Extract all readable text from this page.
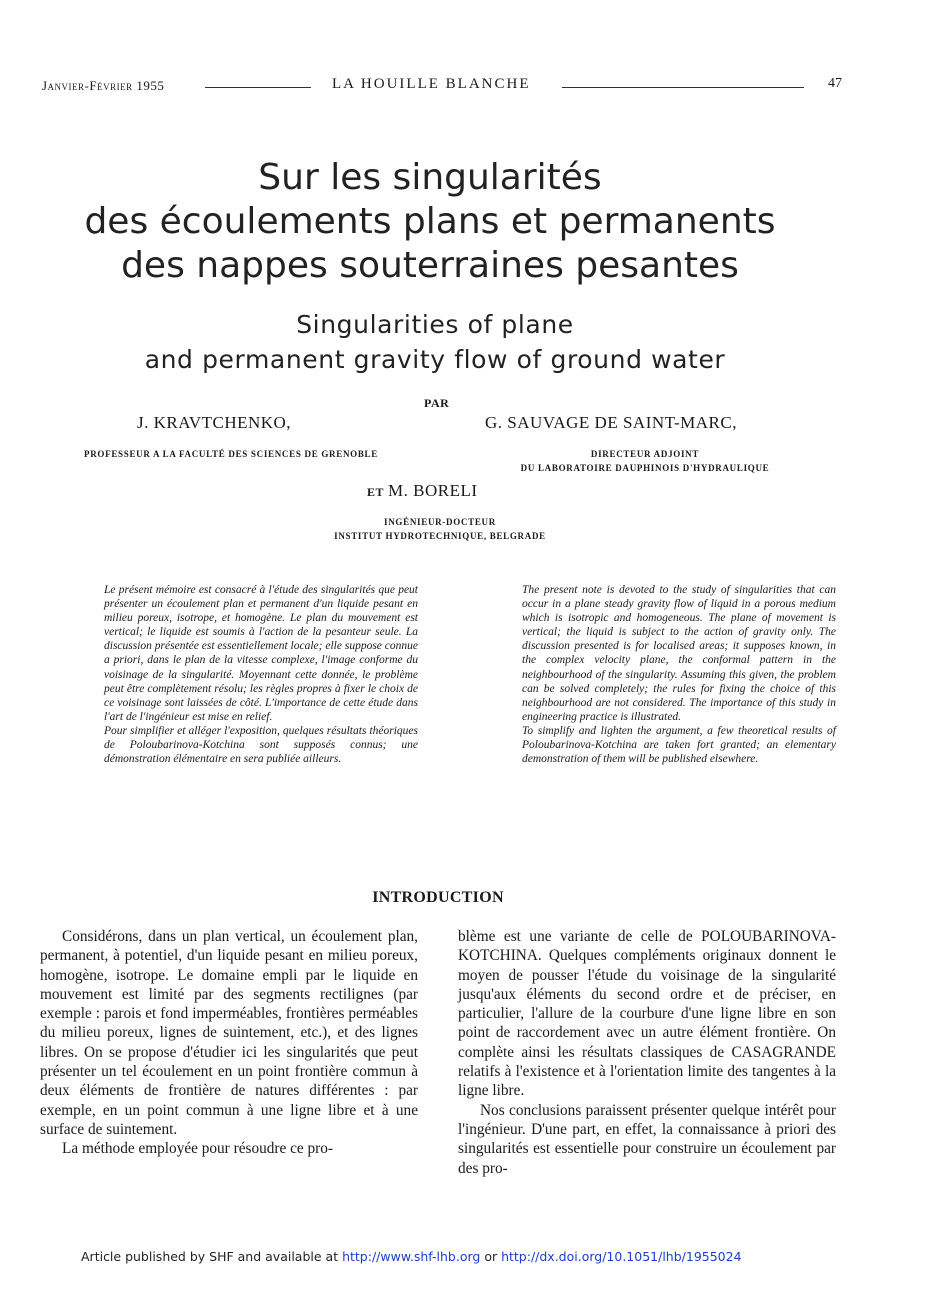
Janvier-Février 1955	LA HOUILLE BLANCHE	47
Sur les singularités
des écoulements plans et permanents
des nappes souterraines pesantes
Singularities of plane
and permanent gravity flow of ground water
PAR
J. KRAVTCHENKO,
PROFESSEUR A LA FACULTÉ DES SCIENCES DE GRENOBLE
G. SAUVAGE DE SAINT-MARC,
DIRECTEUR ADJOINT
DU LABORATOIRE DAUPHINOIS D'HYDRAULIQUE
ET M. BORELI
INGÉNIEUR-DOCTEUR
INSTITUT HYDROTECHNIQUE, BELGRADE

Le présent mémoire est consacré à l'étude des singularités que peut présenter un écoulement plan et permanent d'un liquide pesant en milieu poreux, isotrope, et homogène. Le plan du mouvement est vertical; le liquide est soumis à l'action de la pesanteur seule. La discussion présentée est essentiellement locale; elle suppose connue a priori, dans le plan de la vitesse complexe, l'image conforme du voisinage de la singularité. Moyennant cette donnée, le problème peut être complètement résolu; les règles propres à fixer le choix de ce voisinage sont laissées de côté. L'importance de cette étude dans l'art de l'ingénieur est mise en relief.

Pour simplifier et alléger l'exposition, quelques résultats théoriques de Poloubarinova-Kotchina sont supposés connus; une démonstration élémentaire en sera publiée ailleurs.

The present note is devoted to the study of singularities that can occur in a plane steady gravity flow of liquid in a porous medium which is isotropic and homogeneous. The plane of movement is vertical; the liquid is subject to the action of gravity only. The discussion presented is for localised areas; it supposes known, in the complex velocity plane, the conformal pattern in the neighbourhood of the singularity. Assuming this given, the problem can be solved completely; the rules for fixing the choice of this neighbourhood are not considered. The importance of this study in engineering practice is illustrated.

To simplify and lighten the argument, a few theoretical results of Poloubarinova-Kotchina are taken fort granted; an elementary demonstration of them will be published elsewhere.

INTRODUCTION

Considérons, dans un plan vertical, un écoulement plan, permanent, à potentiel, d'un liquide pesant en milieu poreux, homogène, isotrope. Le domaine empli par le liquide en mouvement est limité par des segments rectilignes (par exemple : parois et fond imperméables, frontières perméables du milieu poreux, lignes de suintement, etc.), et des lignes libres. On se propose d'étudier ici les singularités que peut présenter un tel écoulement en un point frontière commun à deux éléments de frontière de natures différentes : par exemple, en un point commun à une ligne libre et à une surface de suintement.

La méthode employée pour résoudre ce pro-

blème est une variante de celle de POLOUBARINOVA-KOTCHINA. Quelques compléments originaux donnent le moyen de pousser l'étude du voisinage de la singularité jusqu'aux éléments du second ordre et de préciser, en particulier, l'allure de la courbure d'une ligne libre en son point de raccordement avec un autre élément frontière. On complète ainsi les résultats classiques de CASAGRANDE relatifs à l'existence et à l'orientation limite des tangentes à la ligne libre.

Nos conclusions paraissent présenter quelque intérêt pour l'ingénieur. D'une part, en effet, la connaissance à priori des singularités est essentielle pour construire un écoulement par des pro-

Article published by SHF and available at http://www.shf-lhb.org or http://dx.doi.org/10.1051/lhb/1955024
